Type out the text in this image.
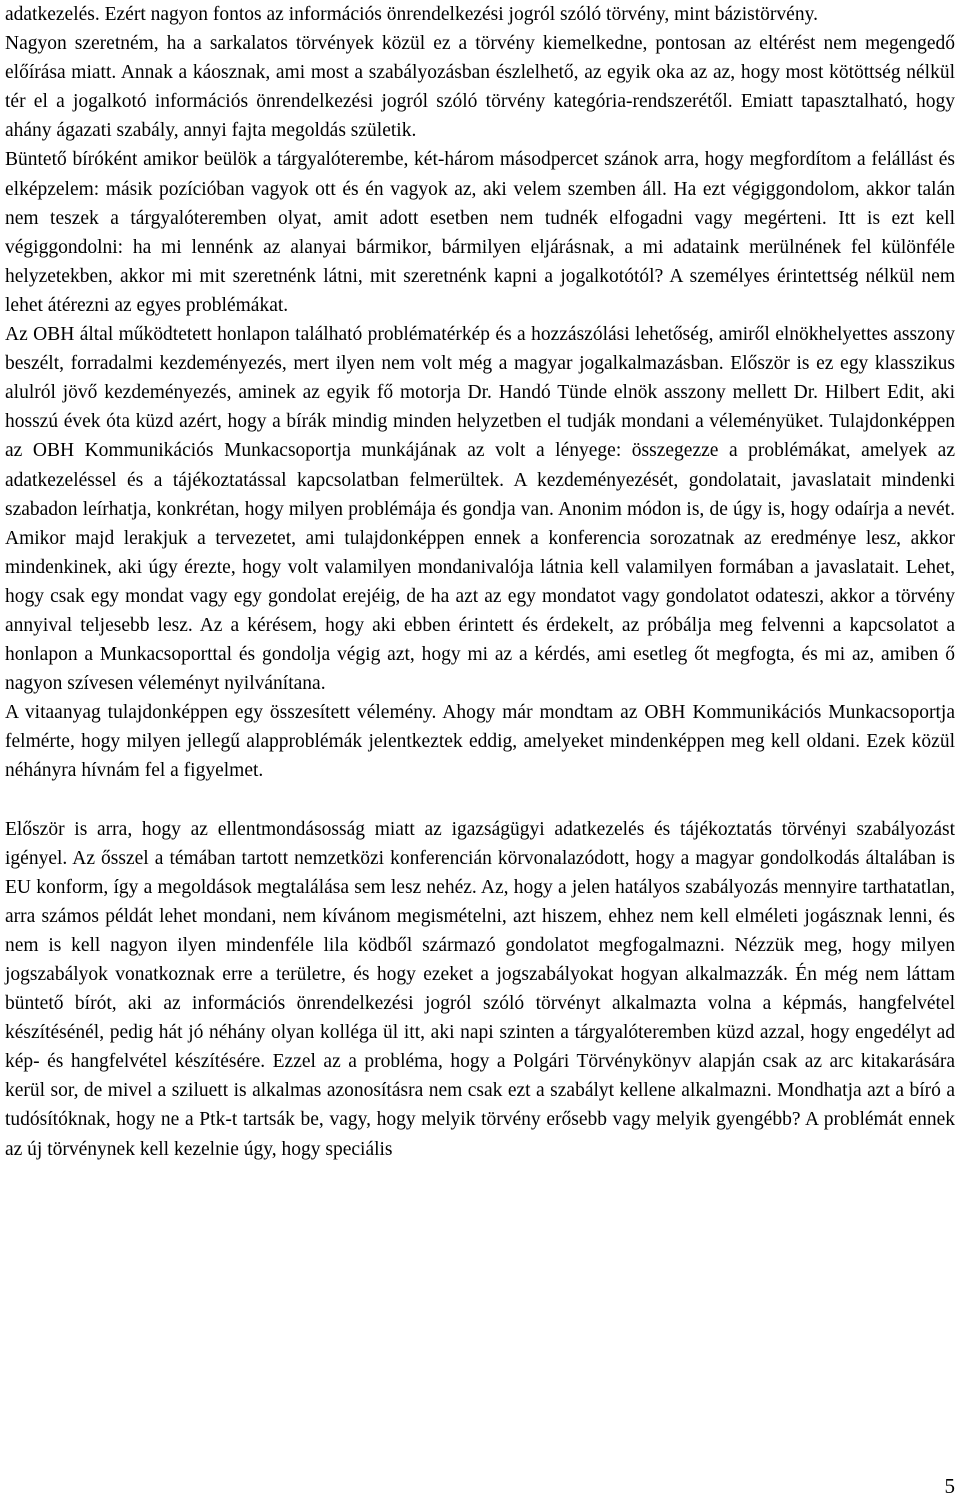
adatkezelés. Ezért nagyon fontos az információs önrendelkezési jogról szóló törvény, mint bázistörvény.

Nagyon szeretném, ha a sarkalatos törvények közül ez a törvény kiemelkedne, pontosan az eltérést nem megengedő előírása miatt. Annak a káosznak, ami most a szabályozásban észlelhető, az egyik oka az az, hogy most kötöttség nélkül tér el a jogalkotó információs önrendelkezési jogról szóló törvény kategória-rendszerétől. Emiatt tapasztalható, hogy ahány ágazati szabály, annyi fajta megoldás születik.

Büntető bíróként amikor beülök a tárgyalóterembe, két-három másodpercet szánok arra, hogy megfordítom a felállást és elképzelem: másik pozícióban vagyok ott és én vagyok az, aki velem szemben áll. Ha ezt végiggondolom, akkor talán nem teszek a tárgyalóteremben olyat, amit adott esetben nem tudnék elfogadni vagy megérteni. Itt is ezt kell végiggondolni: ha mi lennénk az alanyai bármikor, bármilyen eljárásnak, a mi adataink merülnének fel különféle helyzetekben, akkor mi mit szeretnénk látni, mit szeretnénk kapni a jogalkotótól? A személyes érintettség nélkül nem lehet átérezni az egyes problémákat.

Az OBH által működtetett honlapon található problématérkép és a hozzászólási lehetőség, amiről elnökhelyettes asszony beszélt, forradalmi kezdeményezés, mert ilyen nem volt még a magyar jogalkalmazásban. Először is ez egy klasszikus alulról jövő kezdeményezés, aminek az egyik fő motorja Dr. Handó Tünde elnök asszony mellett Dr. Hilbert Edit, aki hosszú évek óta küzd azért, hogy a bírák mindig minden helyzetben el tudják mondani a véleményüket. Tulajdonképpen az OBH Kommunikációs Munkacsoportja munkájának az volt a lényege: összegezze a problémákat, amelyek az adatkezeléssel és a tájékoztatással kapcsolatban felmerültek. A kezdeményezését, gondolatait, javaslatait mindenki szabadon leírhatja, konkrétan, hogy milyen problémája és gondja van. Anonim módon is, de úgy is, hogy odaírja a nevét. Amikor majd lerakjuk a tervezetet, ami tulajdonképpen ennek a konferencia sorozatnak az eredménye lesz, akkor mindenkinek, aki úgy érezte, hogy volt valamilyen mondanivalója látnia kell valamilyen formában a javaslatait. Lehet, hogy csak egy mondat vagy egy gondolat erejéig, de ha azt az egy mondatot vagy gondolatot odateszi, akkor a törvény annyival teljesebb lesz. Az a kérésem, hogy aki ebben érintett és érdekelt, az próbálja meg felvenni a kapcsolatot a honlapon a Munkacsoporttal és gondolja végig azt, hogy mi az a kérdés, ami esetleg őt megfogta, és mi az, amiben ő nagyon szívesen véleményt nyilvánítana.

A vitaanyag tulajdonképpen egy összesített vélemény. Ahogy már mondtam az OBH Kommunikációs Munkacsoportja felmérte, hogy milyen jellegű alapproblémák jelentkeztek eddig, amelyeket mindenképpen meg kell oldani. Ezek közül néhányra hívnám fel a figyelmet.

Először is arra, hogy az ellentmondásosság miatt az igazságügyi adatkezelés és tájékoztatás törvényi szabályozást igényel. Az ősszel a témában tartott nemzetközi konferencián körvonalazódott, hogy a magyar gondolkodás általában is EU konform, így a megoldások megtalálása sem lesz nehéz. Az, hogy a jelen hatályos szabályozás mennyire tarthatatlan, arra számos példát lehet mondani, nem kívánom megismételni, azt hiszem, ehhez nem kell elméleti jogásznak lenni, és nem is kell nagyon ilyen mindenféle lila ködből származó gondolatot megfogalmazni. Nézzük meg, hogy milyen jogszabályok vonatkoznak erre a területre, és hogy ezeket a jogszabályokat hogyan alkalmazzák. Én még nem láttam büntető bírót, aki az információs önrendelkezési jogról szóló törvényt alkalmazta volna a képmás, hangfelvétel készítésénél, pedig hát jó néhány olyan kolléga ül itt, aki napi szinten a tárgyalóteremben küzd azzal, hogy engedélyt ad kép- és hangfelvétel készítésére. Ezzel az a probléma, hogy a Polgári Törvénykönyv alapján csak az arc kitakarására kerül sor, de mivel a sziluett is alkalmas azonosításra nem csak ezt a szabályt kellene alkalmazni. Mondhatja azt a bíró a tudósítóknak, hogy ne a Ptk-t tartsák be, vagy, hogy melyik törvény erősebb vagy melyik gyengébb? A problémát ennek az új törvénynek kell kezelnie úgy, hogy speciális

5
